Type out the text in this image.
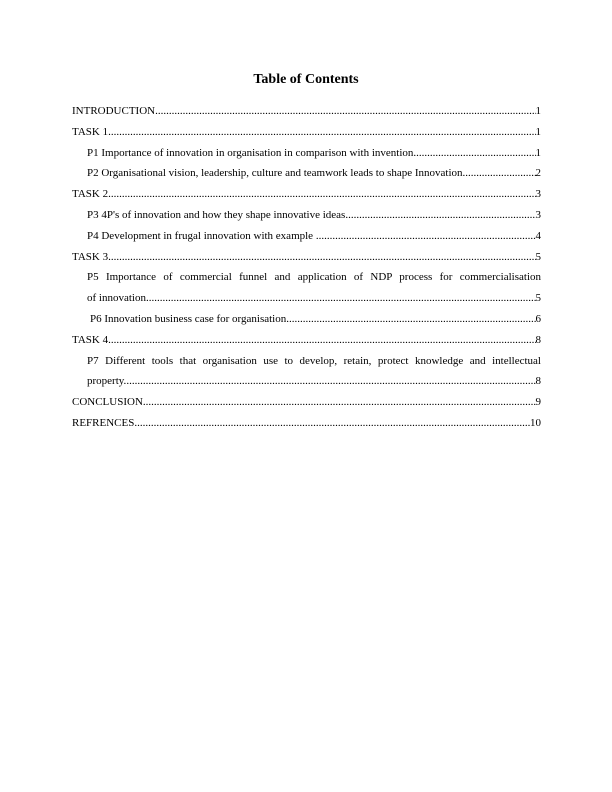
Table of Contents
INTRODUCTION .....	1
TASK 1 .....	1
P1 Importance of innovation in organisation in comparison with invention .....	1
P2 Organisational vision, leadership, culture and teamwork leads to shape Innovation. .....	2
TASK 2 .....	3
P3 4P's of innovation and how they shape innovative ideas .....	3
P4 Development in frugal innovation with example . .....	4
TASK 3 .....	5
P5 Importance of commercial funnel and application of NDP process for commercialisation
of innovation .....	5
P6 Innovation business case for organisation .....	6
TASK 4 .....	8
P7 Different tools that organisation use to develop, retain, protect knowledge and intellectual
property. .....	8
CONCLUSION .....	9
REFRENCES .....	10
